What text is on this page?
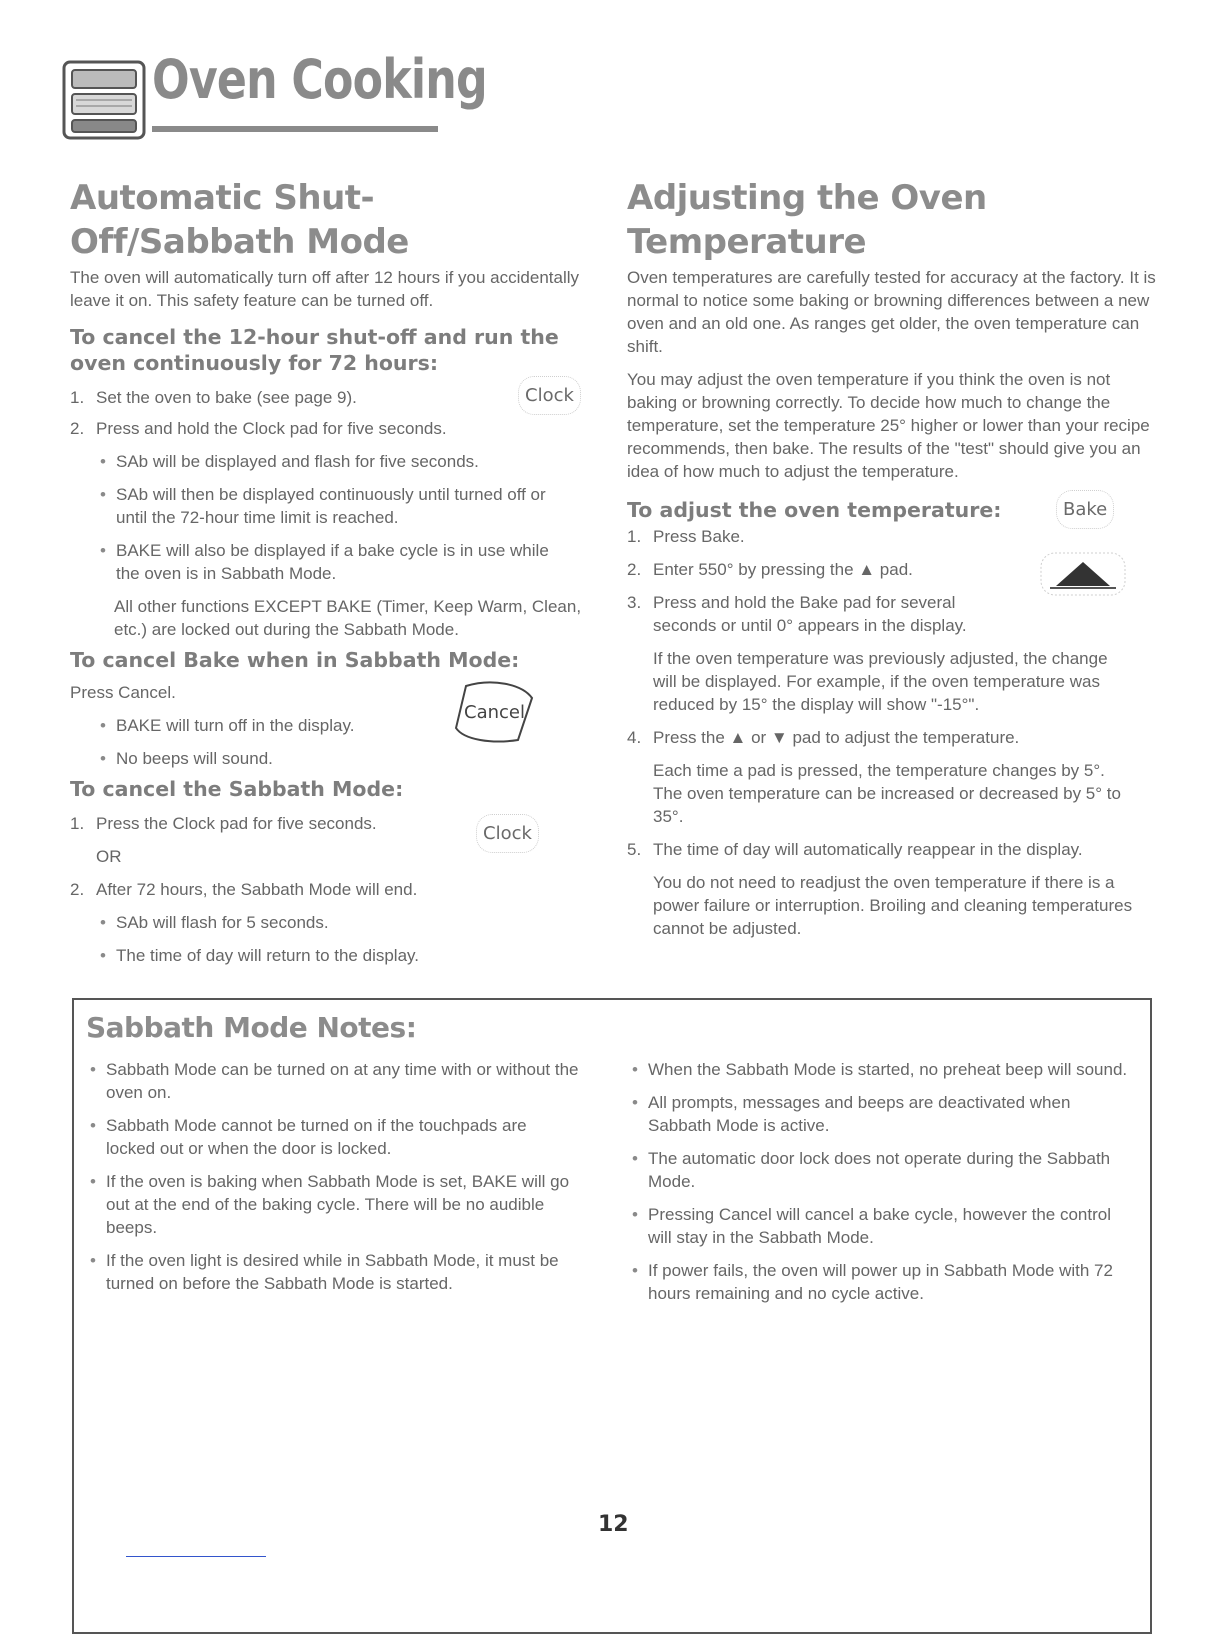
Oven Cooking
Automatic Shut-Off/Sabbath Mode

The oven will automatically turn off after 12 hours if you accidentally leave it on. This safety feature can be turned off.

To cancel the 12-hour shut-off and run the oven continuously for 72 hours:
1. Set the oven to bake (see page 9).
2. Press and hold the Clock pad for five seconds.
• SAb will be displayed and flash for five seconds.
• SAb will then be displayed continuously until turned off or until the 72-hour time limit is reached.
• BAKE will also be displayed if a bake cycle is in use while the oven is in Sabbath Mode.

All other functions EXCEPT BAKE (Timer, Keep Warm, Clean, etc.) are locked out during the Sabbath Mode.

To cancel Bake when in Sabbath Mode:

Press Cancel.

• BAKE will turn off in the display.
• No beeps will sound.
To cancel the Sabbath Mode:
1. Press the Clock pad for five seconds.

OR

2. After 72 hours, the Sabbath Mode will end.
• SAb will flash for 5 seconds.
• The time of day will return to the display.
Clock
Cancel
Clock
Adjusting the Oven Temperature

Oven temperatures are carefully tested for accuracy at the factory. It is normal to notice some baking or browning differences between a new oven and an old one. As ranges get older, the oven temperature can shift.

You may adjust the oven temperature if you think the oven is not baking or browning correctly. To decide how much to change the temperature, set the temperature 25° higher or lower than your recipe recommends, then bake. The results of the "test" should give you an idea of how much to adjust the temperature.

To adjust the oven temperature:
1. Press Bake.
2. Enter 550° by pressing the ▲ pad.
3. Press and hold the Bake pad for several seconds or until 0° appears in the display.

If the oven temperature was previously adjusted, the change will be displayed. For example, if the oven temperature was reduced by 15° the display will show "-15°".

4. Press the ▲ or ▼ pad to adjust the temperature.

Each time a pad is pressed, the temperature changes by 5°. The oven temperature can be increased or decreased by 5° to 35°.

5. The time of day will automatically reappear in the display.

You do not need to readjust the oven temperature if there is a power failure or interruption. Broiling and cleaning temperatures cannot be adjusted.

Bake
Sabbath Mode Notes:
• Sabbath Mode can be turned on at any time with or without the oven on.
• Sabbath Mode cannot be turned on if the touchpads are locked out or when the door is locked.
• If the oven is baking when Sabbath Mode is set, BAKE will go out at the end of the baking cycle. There will be no audible beeps.
• If the oven light is desired while in Sabbath Mode, it must be turned on before the Sabbath Mode is started.
• When the Sabbath Mode is started, no preheat beep will sound.
• All prompts, messages and beeps are deactivated when Sabbath Mode is active.
• The automatic door lock does not operate during the Sabbath Mode.
• Pressing Cancel will cancel a bake cycle, however the control will stay in the Sabbath Mode.
• If power fails, the oven will power up in Sabbath Mode with 72 hours remaining and no cycle active.
12
